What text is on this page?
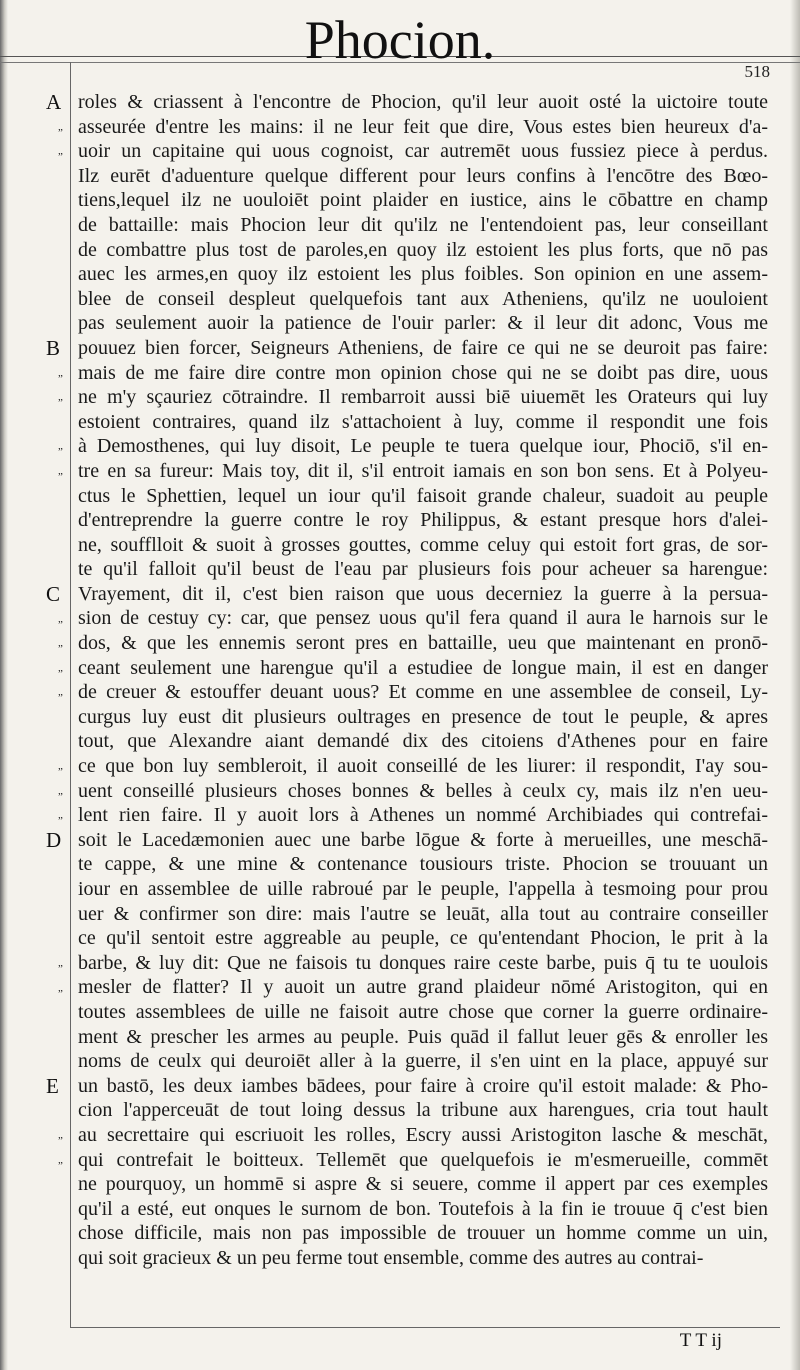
Phocion.
518
roles & criassent à l'encontre de Phocion, qu'il leur auoit osté la uictoire toute
asseurée d'entre les mains: il ne leur feit que dire, Vous estes bien heureux d'a-
uoir un capitaine qui uous cognoist, car autremēt uous fussiez piece à perdus.
Ilz eurēt d'aduenture quelque different pour leurs confins à l'encōtre des Bœo-
tiens,lequel ilz ne uouloiēt point plaider en iustice, ains le cōbattre en champ
de battaille: mais Phocion leur dit qu'ilz ne l'entendoient pas, leur conseillant
de combattre plus tost de paroles,en quoy ilz estoient les plus forts, que nō pas
auec les armes,en quoy ilz estoient les plus foibles. Son opinion en une assem-
blee de conseil despleut quelquefois tant aux Atheniens, qu'ilz ne uouloient
pas seulement auoir la patience de l'ouir parler: & il leur dit adonc, Vous me
pouuez bien forcer, Seigneurs Atheniens, de faire ce qui ne se deuroit pas faire:
mais de me faire dire contre mon opinion chose qui ne se doibt pas dire, uous
ne m'y sçauriez cōtraindre. Il rembarroit aussi biē uiuemēt les Orateurs qui luy
estoient contraires, quand ilz s'attachoient à luy, comme il respondit une fois
à Demosthenes, qui luy disoit, Le peuple te tuera quelque iour, Phociō, s'il en-
tre en sa fureur: Mais toy, dit il, s'il entroit iamais en son bon sens. Et à Polyeu-
ctus le Sphettien, lequel un iour qu'il faisoit grande chaleur, suadoit au peuple
d'entreprendre la guerre contre le roy Philippus, & estant presque hors d'alei-
ne, soufflloit & suoit à grosses gouttes, comme celuy qui estoit fort gras, de sor-
te qu'il falloit qu'il beust de l'eau par plusieurs fois pour acheuer sa harengue:
Vrayement, dit il, c'est bien raison que uous decerniez la guerre à la persua-
sion de cestuy cy: car, que pensez uous qu'il fera quand il aura le harnois sur le
dos, & que les ennemis seront pres en battaille, ueu que maintenant en pronō-
ceant seulement une harengue qu'il a estudiee de longue main, il est en danger
de creuer & estouffer deuant uous? Et comme en une assemblee de conseil, Ly-
curgus luy eust dit plusieurs oultrages en presence de tout le peuple, & apres
tout, que Alexandre aiant demandé dix des citoiens d'Athenes pour en faire
ce que bon luy sembleroit, il auoit conseillé de les liurer: il respondit, I'ay sou-
uent conseillé plusieurs choses bonnes & belles à ceulx cy, mais ilz n'en ueu-
lent rien faire. Il y auoit lors à Athenes un nommé Archibiades qui contrefai-
soit le Lacedæmonien auec une barbe lōgue & forte à merueilles, une meschā-
te cappe, & une mine & contenance tousiours triste. Phocion se trouuant un
iour en assemblee de uille rabroué par le peuple, l'appella à tesmoing pour prou
uer & confirmer son dire: mais l'autre se leuāt, alla tout au contraire conseiller
ce qu'il sentoit estre aggreable au peuple, ce qu'entendant Phocion, le prit à la
barbe, & luy dit: Que ne faisois tu donques raire ceste barbe, puis q̄ tu te uoulois
mesler de flatter? Il y auoit un autre grand plaideur nōmé Aristogiton, qui en
toutes assemblees de uille ne faisoit autre chose que corner la guerre ordinaire-
ment & prescher les armes au peuple. Puis quād il fallut leuer gēs & enroller les
noms de ceulx qui deuroiēt aller à la guerre, il s'en uint en la place, appuyé sur
un bastō, les deux iambes bādees, pour faire à croire qu'il estoit malade: & Pho-
cion l'apperceuāt de tout loing dessus la tribune aux harengues, cria tout hault
au secrettaire qui escriuoit les rolles, Escry aussi Aristogiton lasche & meschāt,
qui contrefait le boitteux. Tellemēt que quelquefois ie m'esmerueille, commēt
ne pourquoy, un hommē si aspre & si seuere, comme il appert par ces exemples
qu'il a esté, eut onques le surnom de bon. Toutefois à la fin ie trouue q̄ c'est bien
chose difficile, mais non pas impossible de trouuer un homme comme un uin,
qui soit gracieux & un peu ferme tout ensemble, comme des autres au contrai-
A
B
C
D
E
„
„
„
„
„
„
„
„
„
„
„
„
„
„
„
„
„
T T ij
